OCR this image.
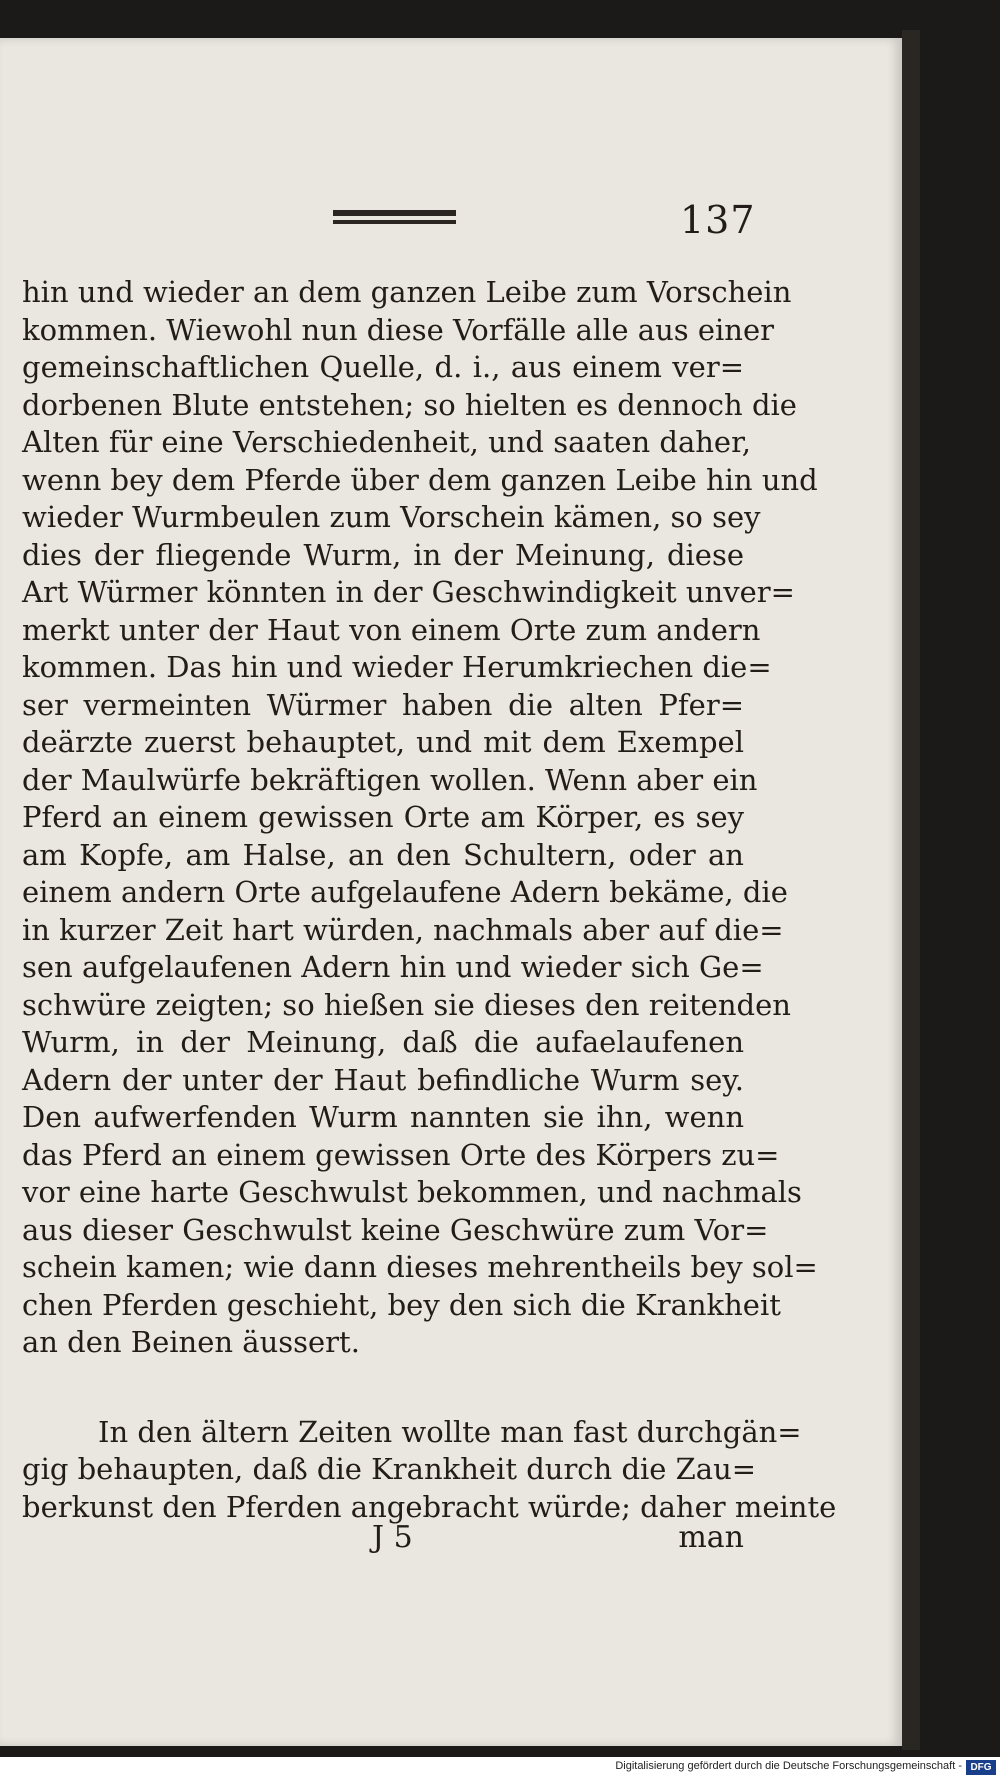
137
hin und wieder an dem ganzen Leibe zum Vorschein
kommen. Wiewohl nun diese Vorfälle alle aus einer
gemeinschaftlichen Quelle, d. i., aus einem ver=
dorbenen Blute entstehen; so hielten es dennoch die
Alten für eine Verschiedenheit, und saaten daher,
wenn bey dem Pferde über dem ganzen Leibe hin und
wieder Wurmbeulen zum Vorschein kämen, so sey
dies der fliegende Wurm, in der Meinung, diese
Art Würmer könnten in der Geschwindigkeit unver=
merkt unter der Haut von einem Orte zum andern
kommen. Das hin und wieder Herumkriechen die=
ser vermeinten Würmer haben die alten Pfer=
deärzte zuerst behauptet, und mit dem Exempel
der Maulwürfe bekräftigen wollen. Wenn aber ein
Pferd an einem gewissen Orte am Körper, es sey
am Kopfe, am Halse, an den Schultern, oder an
einem andern Orte aufgelaufene Adern bekäme, die
in kurzer Zeit hart würden, nachmals aber auf die=
sen aufgelaufenen Adern hin und wieder sich Ge=
schwüre zeigten; so hießen sie dieses den reitenden
Wurm, in der Meinung, daß die aufaelaufenen
Adern der unter der Haut befindliche Wurm sey.
Den aufwerfenden Wurm nannten sie ihn, wenn
das Pferd an einem gewissen Orte des Körpers zu=
vor eine harte Geschwulst bekommen, und nachmals
aus dieser Geschwulst keine Geschwüre zum Vor=
schein kamen; wie dann dieses mehrentheils bey sol=
chen Pferden geschieht, bey den sich die Krankheit
an den Beinen äussert.
In den ältern Zeiten wollte man fast durchgän=
gig behaupten, daß die Krankheit durch die Zau=
berkunst den Pferden angebracht würde; daher meinte
J 5	man
Digitalisierung gefördert durch die Deutsche Forschungsgemeinschaft - DFG
